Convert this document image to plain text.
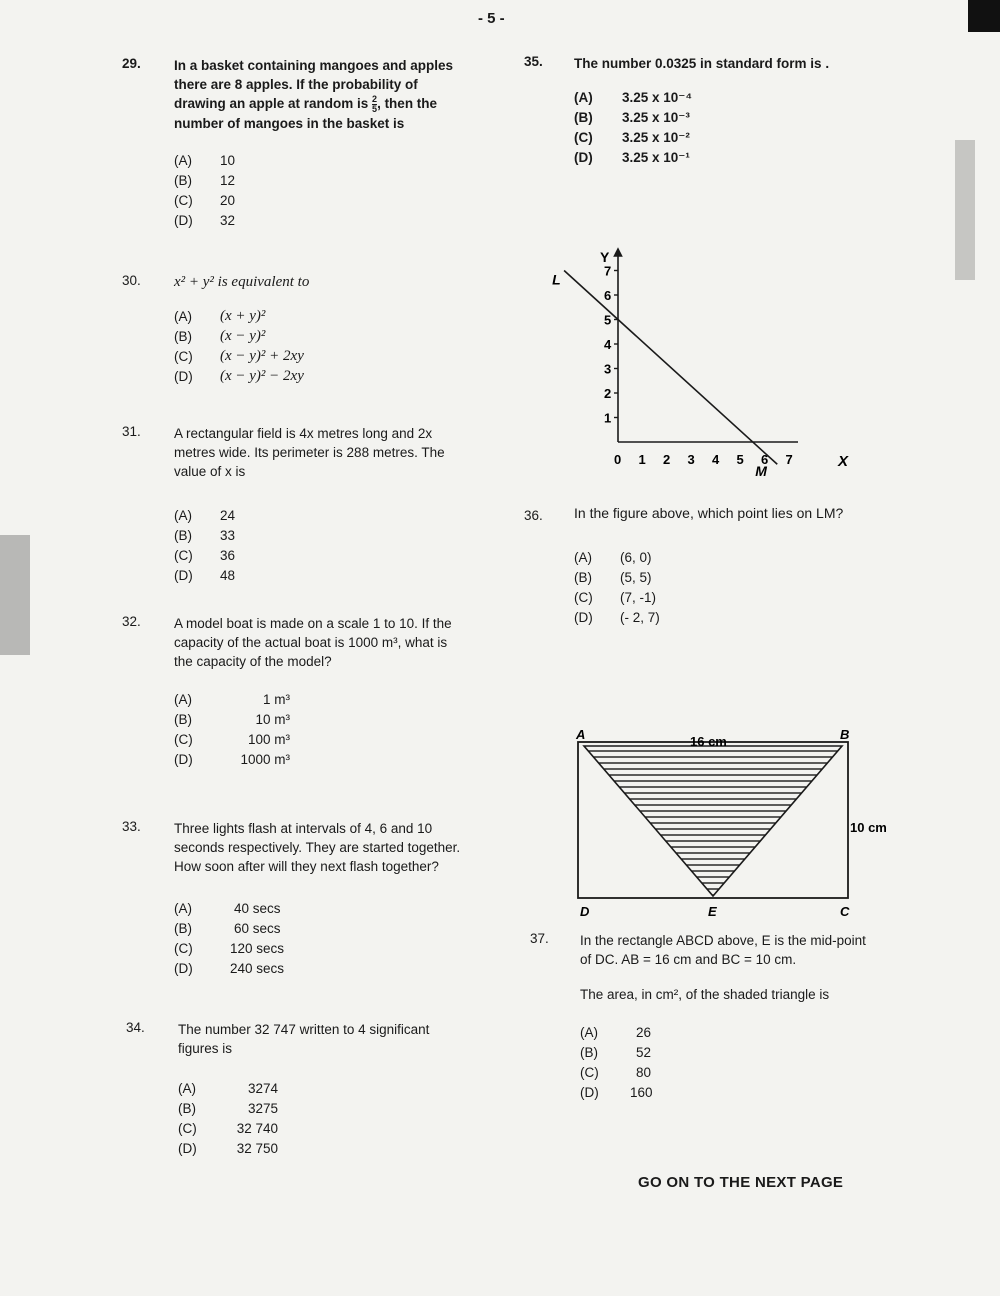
- 5 -
29. In a basket containing mangoes and apples there are 8 apples. If the probability of drawing an apple at random is $\frac{2}{5}$ , then the number of mangoes in the basket is
(A)	10
(B)	12
(C)	20
(D)	32
30. x² + y² is equivalent to
(A)	(x + y)²
(B)	(x − y)²
(C)	(x − y)² + 2xy
(D)	(x − y)² − 2xy
31. A rectangular field is 4x metres long and 2x metres wide. Its perimeter is 288 metres. The value of x is
(A)	24
(B)	33
(C)	36
(D)	48
32. A model boat is made on a scale 1 to 10. If the capacity of the actual boat is 1000 m³, what is the capacity of the model?
(A)	1 m³
(B)	10 m³
(C)	100 m³
(D)	1000 m³
33. Three lights flash at intervals of 4, 6 and 10 seconds respectively. They are started together. How soon after will they next flash together?
(A)	40 secs
(B)	60 secs
(C)	120 secs
(D)	240 secs
34. The number 32 747 written to 4 significant figures is
(A)	3274
(B)	3275
(C)	32 740
(D)	32 750
35. The number 0.0325 in standard form is .
(A)	3.25 x 10⁻⁴
(B)	3.25 x 10⁻³
(C)	3.25 x 10⁻²
(D)	3.25 x 10⁻¹
Y
X
1
2
3
4
5
6
7
0 1 2 3 4 5 6 7
L
M
36. In the figure above, which point lies on LM?
(A)	(6, 0)
(B)	(5, 5)
(C)	(7, -1)
(D)	(- 2, 7)
A	B
D	C
E
16 cm
10 cm
37. In the rectangle ABCD above, E is the mid-point of DC. AB = 16 cm and BC = 10 cm.
The area, in cm², of the shaded triangle is
(A)	26
(B)	52
(C)	80
(D)	160
GO ON TO THE NEXT PAGE
